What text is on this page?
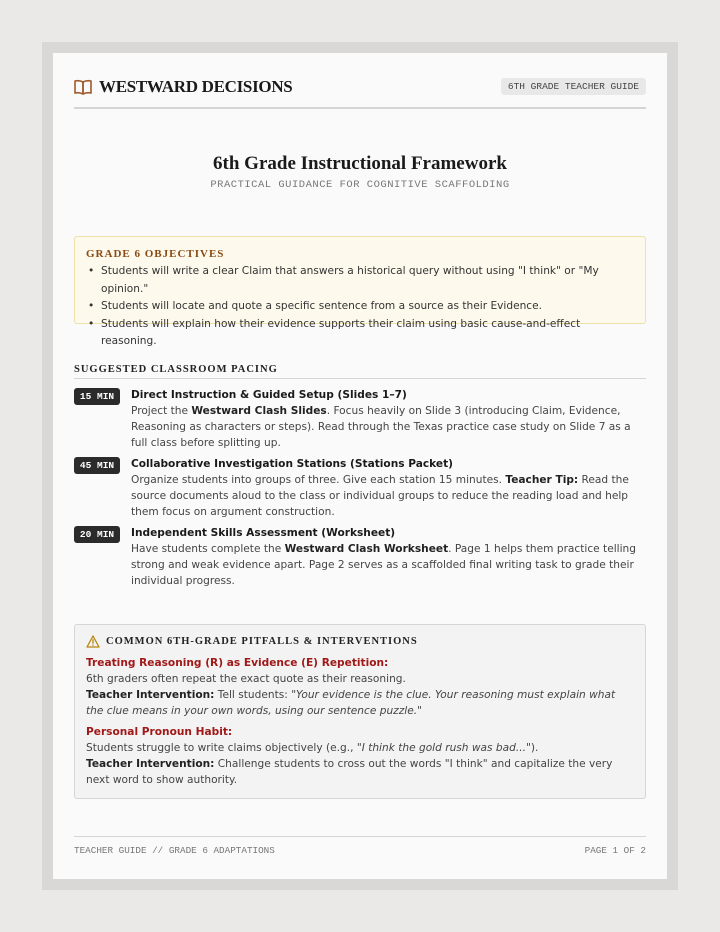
WESTWARD DECISIONS	6TH GRADE TEACHER GUIDE
6th Grade Instructional Framework
PRACTICAL GUIDANCE FOR COGNITIVE SCAFFOLDING
GRADE 6 OBJECTIVES
• Students will write a clear Claim that answers a historical query without using "I think" or "My opinion."
• Students will locate and quote a specific sentence from a source as their Evidence.
• Students will explain how their evidence supports their claim using basic cause-and-effect reasoning.
SUGGESTED CLASSROOM PACING
15 MIN	Direct Instruction & Guided Setup (Slides 1–7)
Project the Westward Clash Slides. Focus heavily on Slide 3 (introducing Claim, Evidence, Reasoning as characters or steps). Read through the Texas practice case study on Slide 7 as a full class before splitting up.
45 MIN	Collaborative Investigation Stations (Stations Packet)
Organize students into groups of three. Give each station 15 minutes. Teacher Tip: Read the source documents aloud to the class or individual groups to reduce the reading load and help them focus on argument construction.
20 MIN	Independent Skills Assessment (Worksheet)
Have students complete the Westward Clash Worksheet. Page 1 helps them practice telling strong and weak evidence apart. Page 2 serves as a scaffolded final writing task to grade their individual progress.
COMMON 6TH-GRADE PITFALLS & INTERVENTIONS
Treating Reasoning (R) as Evidence (E) Repetition:
6th graders often repeat the exact quote as their reasoning.
Teacher Intervention: Tell students: "Your evidence is the clue. Your reasoning must explain what the clue means in your own words, using our sentence puzzle."
Personal Pronoun Habit:
Students struggle to write claims objectively (e.g., "I think the gold rush was bad...").
Teacher Intervention: Challenge students to cross out the words "I think" and capitalize the very next word to show authority.
TEACHER GUIDE // GRADE 6 ADAPTATIONS	PAGE 1 OF 2
